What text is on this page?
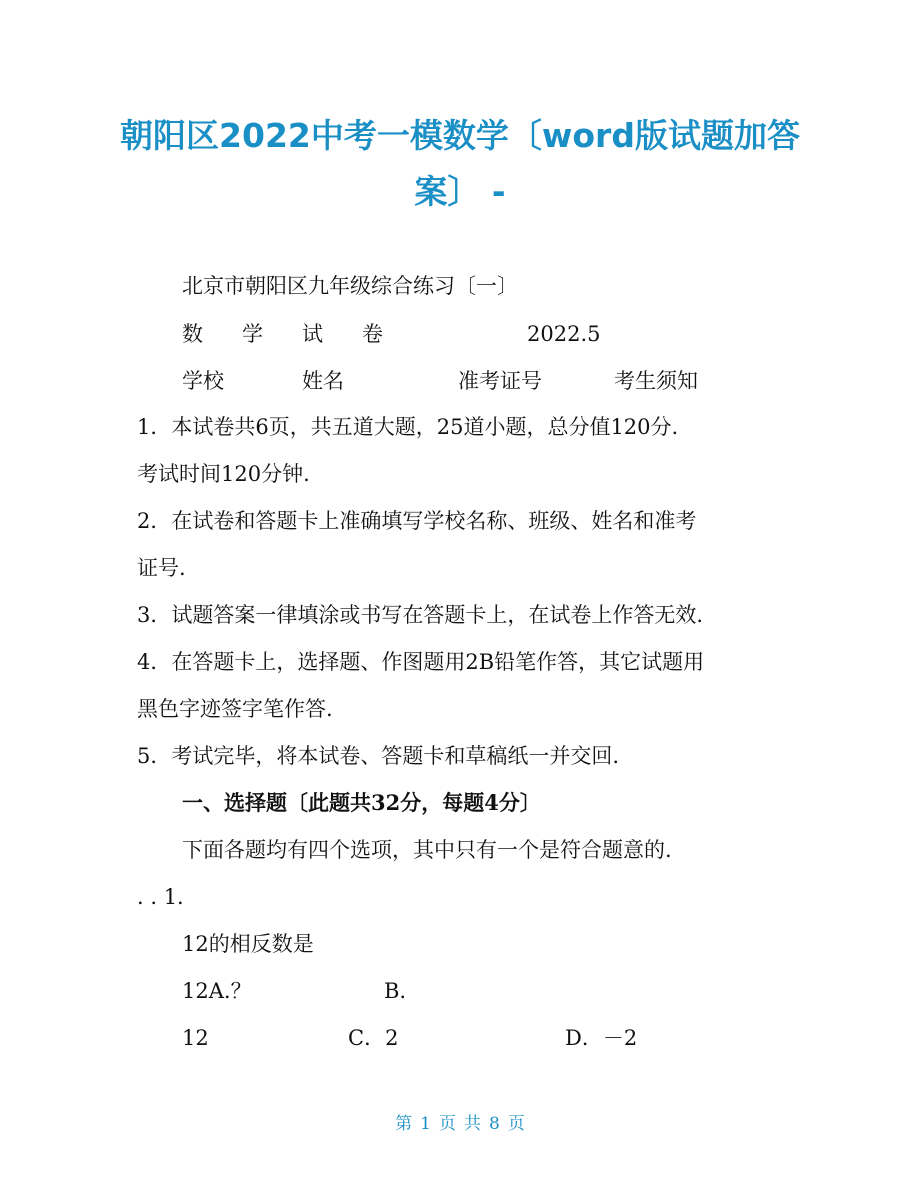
朝阳区2022中考一模数学〔word版试题加答
案〕 -

北京市朝阳区九年级综合练习〔一〕

数 学 试 卷	2022.5
学校	姓名	准考证号	考生须知

1．本试卷共6页，共五道大题，25道小题，总分值120分.

考试时间120分钟.

2．在试卷和答题卡上准确填写学校名称、班级、姓名和准考

证号.

3．试题答案一律填涂或书写在答题卡上，在试卷上作答无效.

4．在答题卡上，选择题、作图题用2B铅笔作答，其它试题用

黑色字迹签字笔作答.

5．考试完毕，将本试卷、答题卡和草稿纸一并交回.

一、选择题〔此题共32分，每题4分〕

下面各题均有四个选项，其中只有一个是符合题意的.

. . 1.

12的相反数是

12A.？	B.
12	C．2	D．－2
第 1 页 共 8 页
